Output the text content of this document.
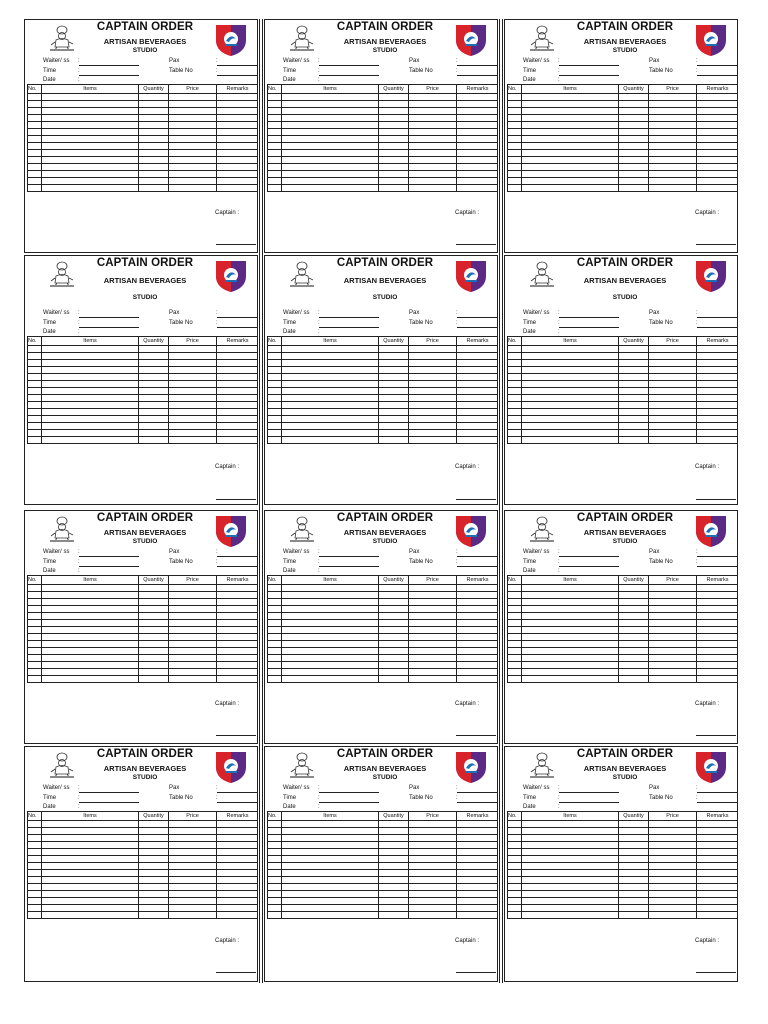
CAPTAIN ORDER
ARTISAN BEVERAGES
STUDIO
Waiter/ ss :
Time	:
Date	:
Pax	:
Table No	:
No.	Items	Quantity	Price	Remarks

Captain :
CAPTAIN ORDER
ARTISAN BEVERAGES
STUDIO
Waiter/ ss :
Time	:
Date	:
Pax	:
Table No	:
No.	Items	Quantity	Price	Remarks

Captain :
CAPTAIN ORDER
ARTISAN BEVERAGES
STUDIO
Waiter/ ss :
Time	:
Date	:
Pax	:
Table No	:
No.	Items	Quantity	Price	Remarks

Captain :
CAPTAIN ORDER
ARTISAN BEVERAGES
STUDIO
Waiter/ ss :
Time	:
Date	:
Pax	:
Table No	:
No.	Items	Quantity	Price	Remarks

Captain :
CAPTAIN ORDER
ARTISAN BEVERAGES
STUDIO
Waiter/ ss :
Time	:
Date	:
Pax	:
Table No	:
No.	Items	Quantity	Price	Remarks

Captain :
CAPTAIN ORDER
ARTISAN BEVERAGES
STUDIO
Waiter/ ss :
Time	:
Date	:
Pax	:
Table No	:
No.	Items	Quantity	Price	Remarks

Captain :
CAPTAIN ORDER
ARTISAN BEVERAGES
STUDIO
Waiter/ ss :
Time	:
Date	:
Pax	:
Table No	:
No.	Items	Quantity	Price	Remarks

Captain :
CAPTAIN ORDER
ARTISAN BEVERAGES
STUDIO
Waiter/ ss :
Time	:
Date	:
Pax	:
Table No	:
No.	Items	Quantity	Price	Remarks

Captain :
CAPTAIN ORDER
ARTISAN BEVERAGES
STUDIO
Waiter/ ss :
Time	:
Date	:
Pax	:
Table No	:
No.	Items	Quantity	Price	Remarks

Captain :
CAPTAIN ORDER
ARTISAN BEVERAGES
STUDIO
Waiter/ ss :
Time	:
Date	:
Pax	:
Table No	:
No.	Items	Quantity	Price	Remarks

Captain :
CAPTAIN ORDER
ARTISAN BEVERAGES
STUDIO
Waiter/ ss :
Time	:
Date	:
Pax	:
Table No	:
No.	Items	Quantity	Price	Remarks

Captain :
CAPTAIN ORDER
ARTISAN BEVERAGES
STUDIO
Waiter/ ss :
Time	:
Date	:
Pax	:
Table No	:
No.	Items	Quantity	Price	Remarks

Captain :
